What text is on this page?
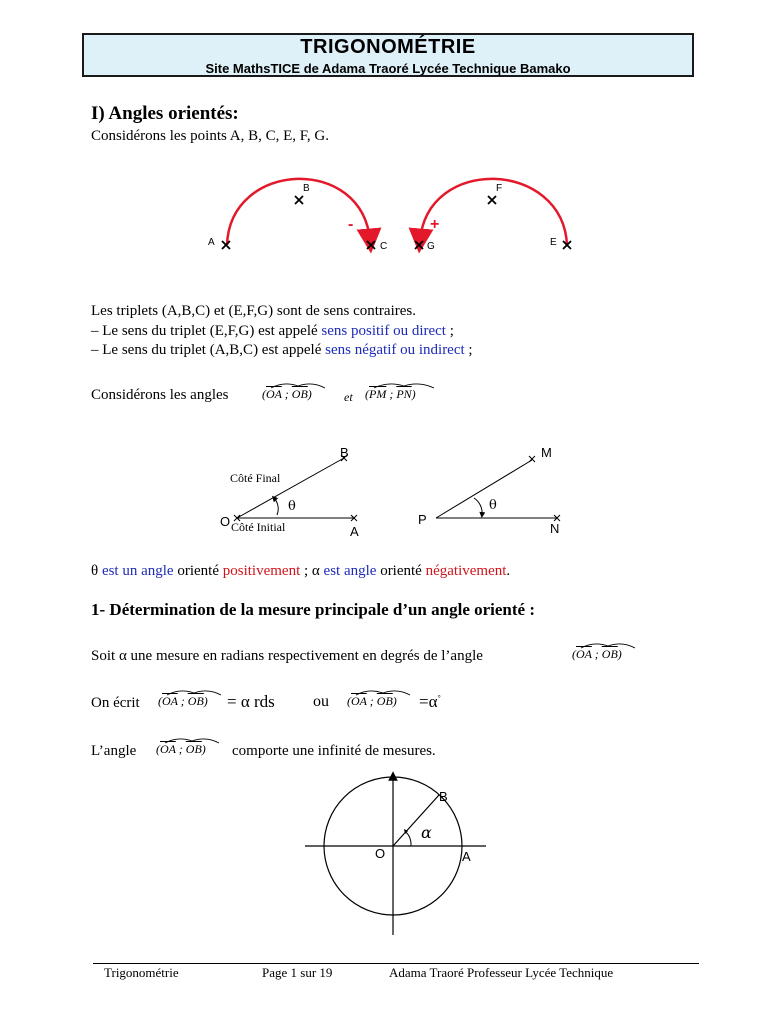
TRIGONOMÉTRIE
Site MathsTICE de Adama Traoré Lycée Technique Bamako
I) Angles orientés:
Considérons les points A, B, C, E, F, G.
A
B
C	G
F
E
-	+
Les triplets (A,B,C) et (E,F,G) sont de sens contraires.
– Le sens du triplet (E,F,G) est appelé sens positif ou direct ;
– Le sens du triplet (A,B,C) est appelé sens négatif ou indirect ;
Considérons les angles	($\overline{OA}$ ; $\overline{OB}$)	et ($\overline{PM}$ ; $\overline{PN}$)
B
O
A
M
P
N
θ
Côté Final
Côté Initial
θ
θ est un angle orienté positivement ; α est angle orienté négativement.
1- Détermination de la mesure principale d’un angle orienté :
Soit α une mesure en radians respectivement en degrés de l’angle	($\overline{OA}$ ; $\overline{OB}$)
On écrit ($\overline{OA}$ ; $\overline{OB}) = \alpha$ rds ou ($\overline{OA}$ ; $\overline{OB}) =\alpha^\circ$
L’angle ($\overline{OA}$ ; $\overline{OB}$) comporte une infinité de mesures.
B
O	A
α
Trigonométrie	Page 1 sur 19	Adama Traoré Professeur Lycée Technique
